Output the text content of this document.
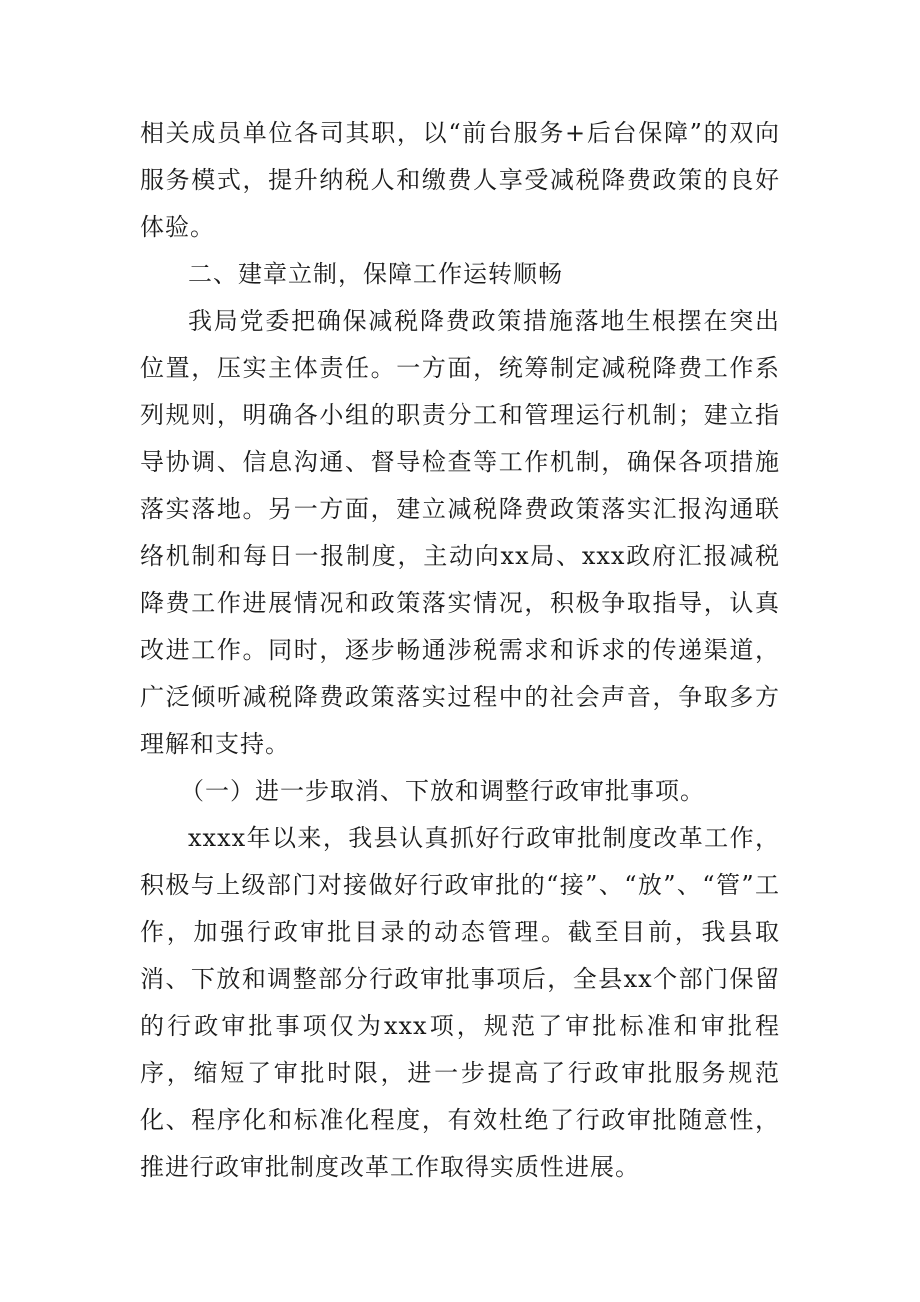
相关成员单位各司其职，以“前台服务+后台保障”的双向服务模式，提升纳税人和缴费人享受减税降费政策的良好体验。

二、建章立制，保障工作运转顺畅

我局党委把确保减税降费政策措施落地生根摆在突出位置，压实主体责任。一方面，统筹制定减税降费工作系列规则，明确各小组的职责分工和管理运行机制；建立指导协调、信息沟通、督导检查等工作机制，确保各项措施落实落地。另一方面，建立减税降费政策落实汇报沟通联络机制和每日一报制度，主动向xx局、xxx政府汇报减税降费工作进展情况和政策落实情况，积极争取指导，认真改进工作。同时，逐步畅通涉税需求和诉求的传递渠道，广泛倾听减税降费政策落实过程中的社会声音，争取多方理解和支持。

（一）进一步取消、下放和调整行政审批事项。

xxxx年以来，我县认真抓好行政审批制度改革工作，积极与上级部门对接做好行政审批的“接”、“放”、“管”工作，加强行政审批目录的动态管理。截至目前，我县取消、下放和调整部分行政审批事项后，全县xx个部门保留的行政审批事项仅为xxx项，规范了审批标准和审批程序，缩短了审批时限，进一步提高了行政审批服务规范化、程序化和标准化程度，有效杜绝了行政审批随意性，推进行政审批制度改革工作取得实质性进展。
